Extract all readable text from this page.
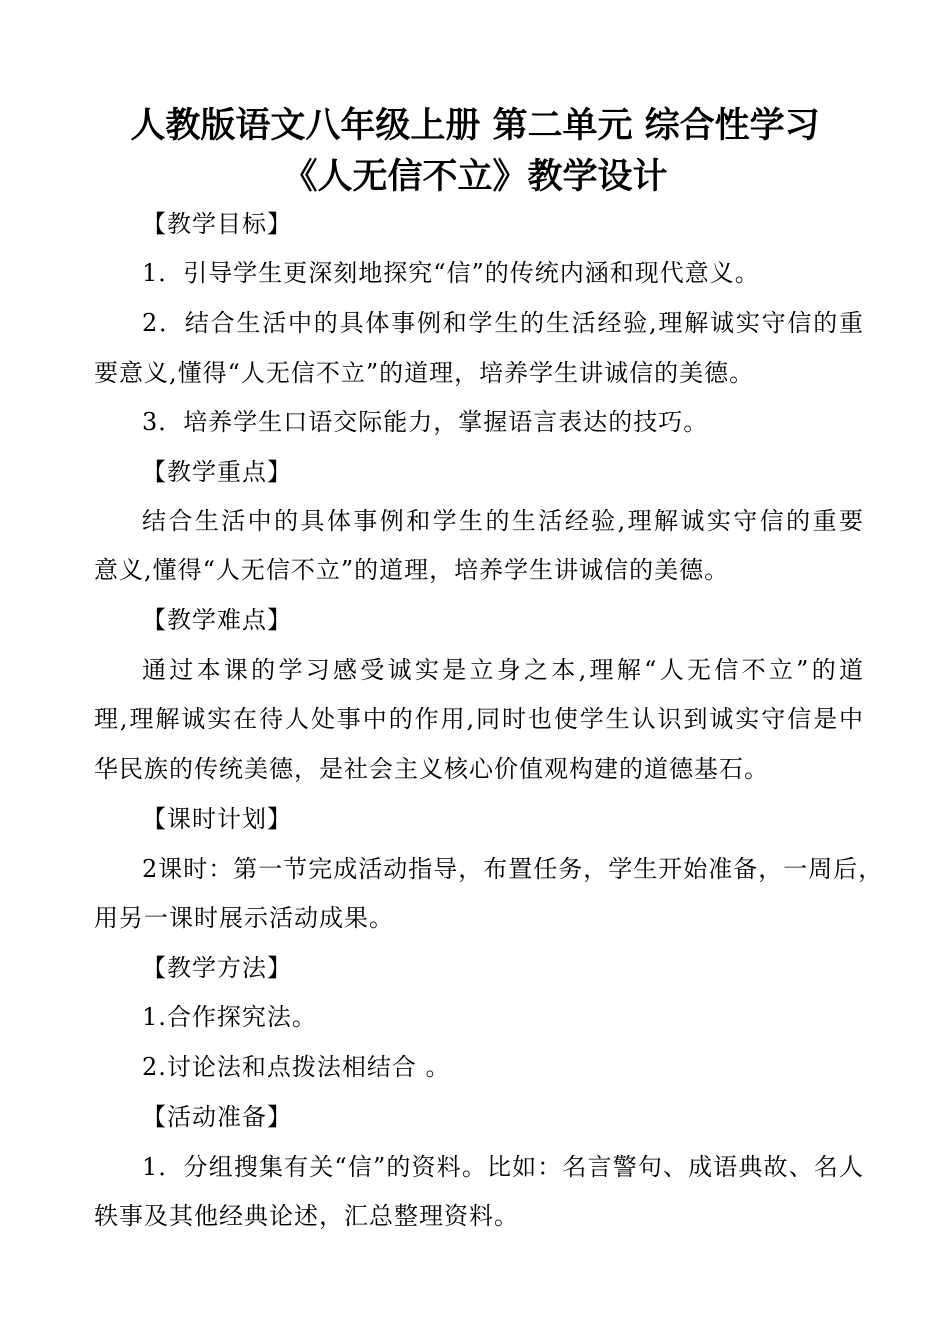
人教版语文八年级上册 第二单元 综合性学习
《人无信不立》教学设计
【教学目标】
1．引导学生更深刻地探究“信”的传统内涵和现代意义。
2．结合生活中的具体事例和学生的生活经验,理解诚实守信的重
要意义,懂得“人无信不立”的道理，培养学生讲诚信的美德。
3．培养学生口语交际能力，掌握语言表达的技巧。
【教学重点】
结合生活中的具体事例和学生的生活经验,理解诚实守信的重要
意义,懂得“人无信不立”的道理，培养学生讲诚信的美德。
【教学难点】
通过本课的学习感受诚实是立身之本,理解“人无信不立”的道
理,理解诚实在待人处事中的作用,同时也使学生认识到诚实守信是中
华民族的传统美德，是社会主义核心价值观构建的道德基石。
【课时计划】
2课时：第一节完成活动指导，布置任务，学生开始准备，一周后，
用另一课时展示活动成果。
【教学方法】
1.合作探究法。
2.讨论法和点拨法相结合 。
【活动准备】
1．分组搜集有关“信”的资料。比如：名言警句、成语典故、名人
轶事及其他经典论述，汇总整理资料。
